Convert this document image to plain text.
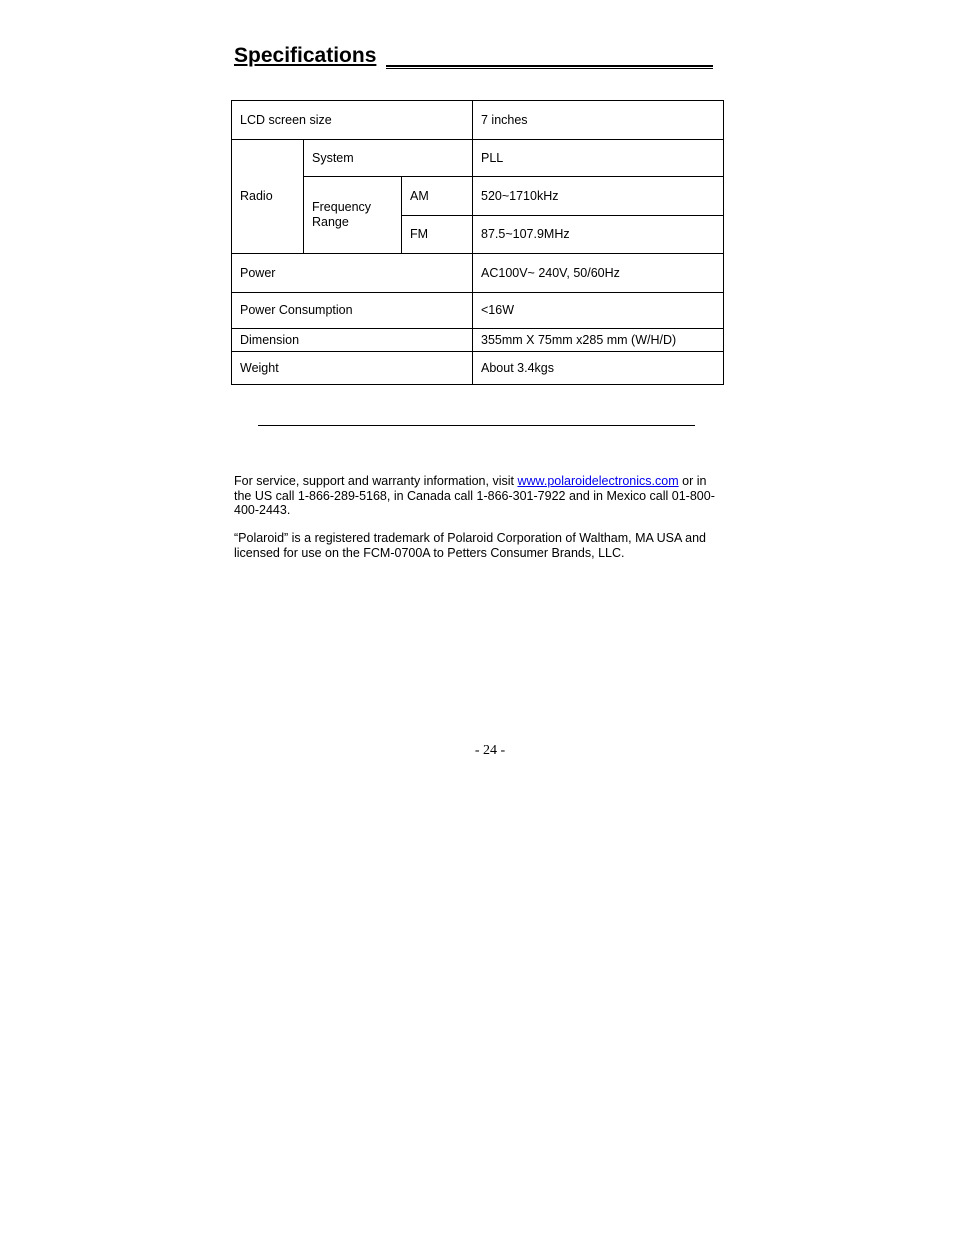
Specifications
LCD screen size			7 inches
Radio	System		PLL
	Frequency Range	AM	520~1710kHz
		FM	87.5~107.9MHz
Power			AC100V~ 240V, 50/60Hz
Power Consumption			<16W
Dimension			355mm X 75mm x285 mm (W/H/D)
Weight			About 3.4kgs

For service, support and warranty information, visit www.polaroidelectronics.com or in the US call 1-866-289-5168, in Canada call 1-866-301-7922 and in Mexico call 01-800-400-2443.

“Polaroid” is a registered trademark of Polaroid Corporation of Waltham, MA USA and licensed for use on the FCM-0700A to Petters Consumer Brands, LLC.

- 24 -
